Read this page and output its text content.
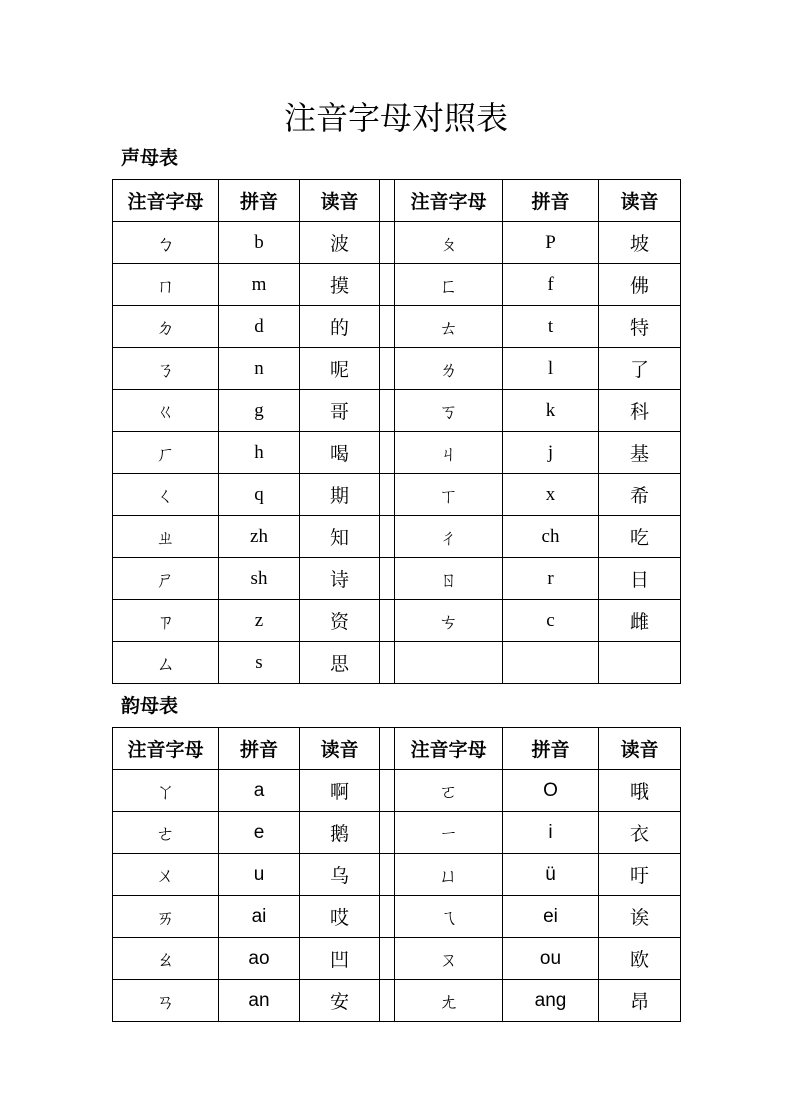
注音字母对照表
声母表
注音字母	拼音	读音		注音字母	拼音	读音
ㄅ	b	波		ㄆ	P	坡
ㄇ	m	摸		ㄈ	f	佛
ㄉ	d	的		ㄊ	t	特
ㄋ	n	呢		ㄌ	l	了
ㄍ	g	哥		ㄎ	k	科
ㄏ	h	喝		ㄐ	j	基
ㄑ	q	期		ㄒ	x	希
ㄓ	zh	知		ㄔ	ch	吃
ㄕ	sh	诗		ㄖ	r	日
ㄗ	z	资		ㄘ	c	雌
ㄙ	s	思				
韵母表
注音字母	拼音	读音		注音字母	拼音	读音
ㄚ	a	啊		ㄛ	O	哦
ㄜ	e	鹅		ㄧ	i	衣
ㄨ	u	乌		ㄩ	ü	吁
ㄞ	ai	哎		ㄟ	ei	诶
ㄠ	ao	凹		ㄡ	ou	欧
ㄢ	an	安		ㄤ	ang	昂
